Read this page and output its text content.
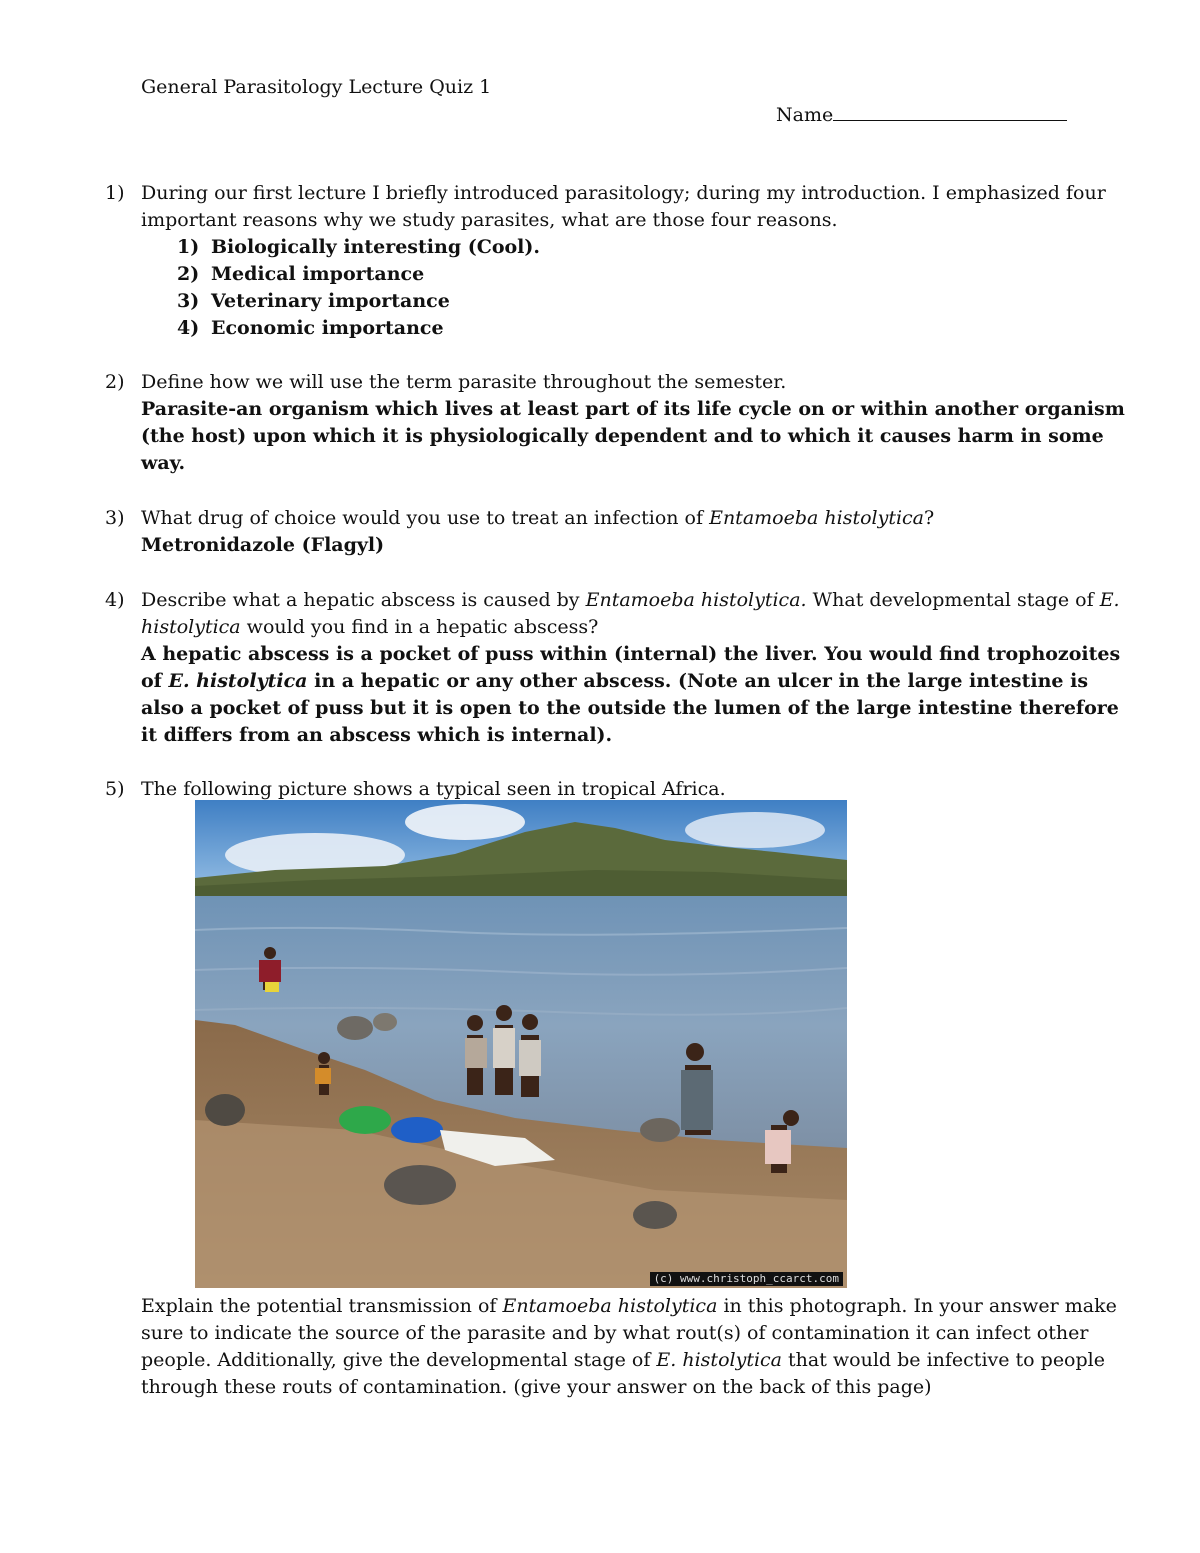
General Parasitology Lecture Quiz 1
Name
1) During our first lecture I briefly introduced parasitology; during my introduction. I emphasized four important reasons why we study parasites, what are those four reasons.
1) Biologically interesting (Cool).
2) Medical importance
3) Veterinary importance
4) Economic importance
2) Define how we will use the term parasite throughout the semester.
Parasite-an organism which lives at least part of its life cycle on or within another organism (the host) upon which it is physiologically dependent and to which it causes harm in some way.
3) What drug of choice would you use to treat an infection of Entamoeba histolytica?
Metronidazole (Flagyl)
4) Describe what a hepatic abscess is caused by Entamoeba histolytica. What developmental stage of E. histolytica would you find in a hepatic abscess?
A hepatic abscess is a pocket of puss within (internal) the liver. You would find trophozoites of E. histolytica in a hepatic or any other abscess. (Note an ulcer in the large intestine is also a pocket of puss but it is open to the outside the lumen of the large intestine therefore it differs from an abscess which is internal).
5) The following picture shows a typical seen in tropical Africa.
(c) www.christoph_ccarct.com
Explain the potential transmission of Entamoeba histolytica in this photograph. In your answer make sure to indicate the source of the parasite and by what rout(s) of contamination it can infect other people. Additionally, give the developmental stage of E. histolytica that would be infective to people through these routs of contamination. (give your answer on the back of this page)
